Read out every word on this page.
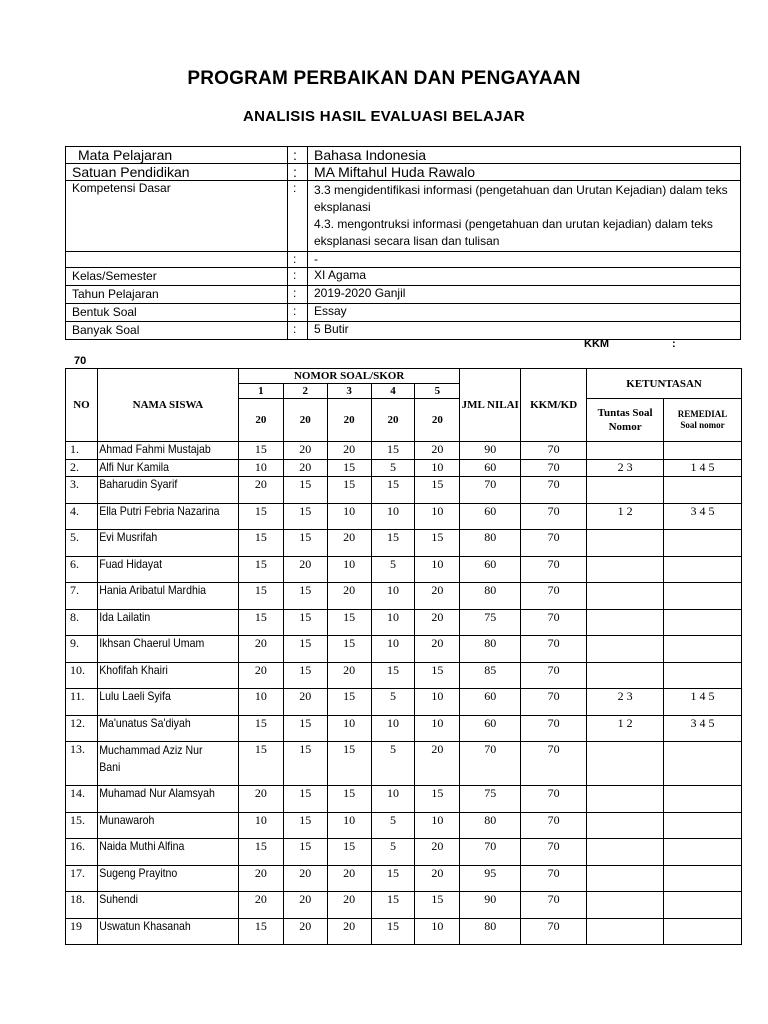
PROGRAM PERBAIKAN DAN PENGAYAAN
ANALISIS HASIL EVALUASI BELAJAR
Mata Pelajaran	:	Bahasa Indonesia
Satuan Pendidikan	:	MA Miftahul Huda Rawalo
Kompetensi Dasar	:	3.3 mengidentifikasi informasi (pengetahuan dan Urutan Kejadian) dalam teks eksplanasi
4.3. mengontruksi informasi (pengetahuan dan urutan kejadian) dalam teks eksplanasi secara lisan dan tulisan

	:	-
Kelas/Semester	:	XI Agama
Tahun Pelajaran	:	2019-2020 Ganjil
Bentuk Soal	:	Essay
Banyak Soal	:	5 Butir
KKM	:
70
NO	NAMA SISWA	NOMOR SOAL/SKOR					JML NILAI	KKM/KD	KETUNTASAN	
		1	2	3	4	5				
		20	20	20	20	20			Tuntas Soal Nomor	REMEDIAL
Soal nomor

1.	Ahmad Fahmi Mustajab	15	20	20	15	20	90	70		
2.	Alfi Nur Kamila	10	20	15	5	10	60	70	2 3	1 4 5
3.	Baharudin Syarif	20	15	15	15	15	70	70		
4.	Ella Putri Febria Nazarina	15	15	10	10	10	60	70	1 2	3 4 5
5.	Evi Musrifah	15	15	20	15	15	80	70		
6.	Fuad Hidayat	15	20	10	5	10	60	70		
7.	Hania Aribatul Mardhia	15	15	20	10	20	80	70		
8.	Ida Lailatin	15	15	15	10	20	75	70		
9.	Ikhsan Chaerul Umam	20	15	15	10	20	80	70		
10.	Khofifah Khairi	20	15	20	15	15	85	70		
11.	Lulu Laeli Syifa	10	20	15	5	10	60	70	2 3	1 4 5
12.	Ma'unatus Sa'diyah	15	15	10	10	10	60	70	1 2	3 4 5
13.	Muchammad Aziz Nur Bani	15	15	15	5	20	70	70		
14.	Muhamad Nur Alamsyah	20	15	15	10	15	75	70		
15.	Munawaroh	10	15	10	5	10	80	70		
16.	Naida Muthi Alfina	15	15	15	5	20	70	70		
17.	Sugeng Prayitno	20	20	20	15	20	95	70		
18.	Suhendi	20	20	20	15	15	90	70		
19	Uswatun Khasanah	15	20	20	15	10	80	70		
